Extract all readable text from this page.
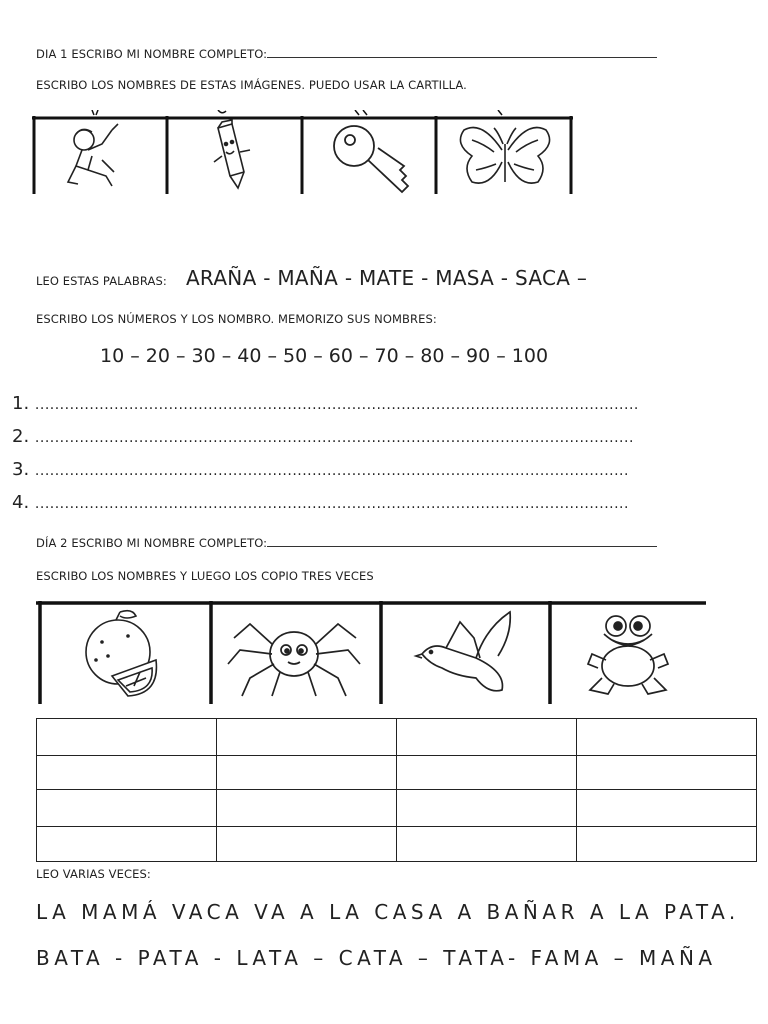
DIA 1 ESCRIBO MI NOMBRE COMPLETO:
ESCRIBO LOS NOMBRES DE ESTAS IMÁGENES. PUEDO USAR LA CARTILLA.
LEO ESTAS PALABRAS: ARAÑA - MAÑA - MATE - MASA - SACA –
ESCRIBO LOS NÚMEROS Y LOS NOMBRO. MEMORIZO SUS NOMBRES:
10 – 20 – 30 – 40 – 50 – 60 – 70 – 80 – 90 – 100
1. ..........................................................................................................................
2. .........................................................................................................................
3. ........................................................................................................................
4. ........................................................................................................................
DÍA 2 ESCRIBO MI NOMBRE COMPLETO:
ESCRIBO LOS NOMBRES Y LUEGO LOS COPIO TRES VECES

LEO VARIAS VECES:
LA MAMÁ VACA VA A LA CASA A BAÑAR A LA PATA.
BATA - PATA - LATA – CATA – TATA- FAMA – MAÑA
